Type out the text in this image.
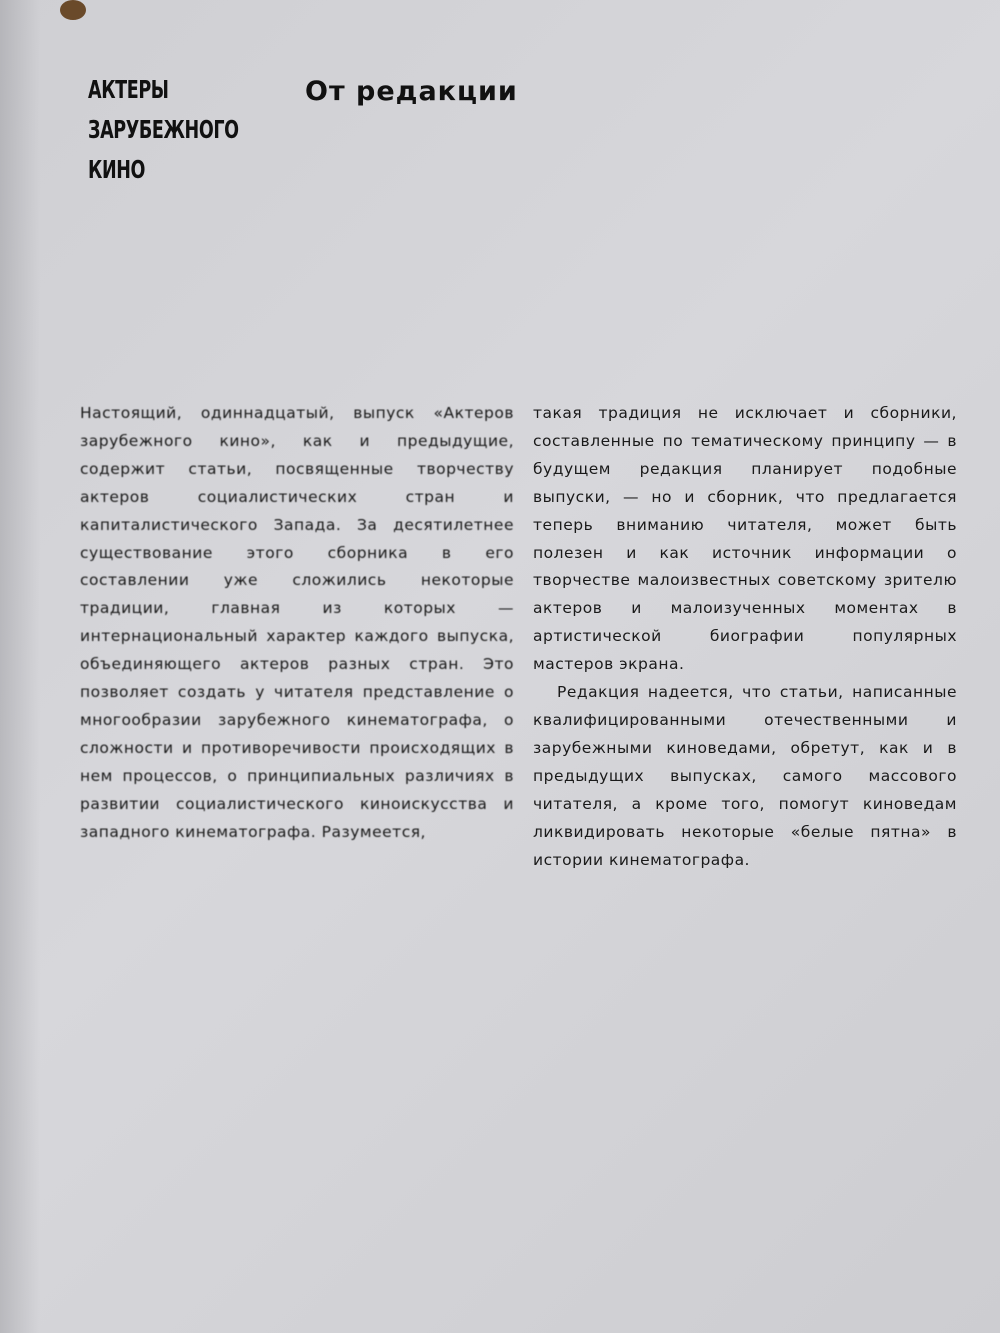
АКТЕРЫ
ЗАРУБЕЖНОГО
КИНО
От редакции

Настоящий, одиннадцатый, выпуск «Актеров зарубежного кино», как и предыдущие, содержит статьи, посвященные творчеству актеров социалистических стран и капиталистического Запада. За десятилетнее существование этого сборника в его составлении уже сложились некоторые традиции, главная из которых — интернациональный характер каждого выпуска, объединяющего актеров разных стран. Это позволяет создать у читателя представление о многообразии зарубежного кинематографа, о сложности и противоречивости происходящих в нем процессов, о принципиальных различиях в развитии социалистического киноискусства и западного кинематографа. Разумеется,

такая традиция не исключает и сборники, составленные по тематическому принципу — в будущем редакция планирует подобные выпуски, — но и сборник, что предлагается теперь вниманию читателя, может быть полезен и как источник информации о творчестве малоизвестных советскому зрителю актеров и малоизученных моментах в артистической биографии популярных мастеров экрана.

Редакция надеется, что статьи, написанные квалифицированными отечественными и зарубежными киноведами, обретут, как и в предыдущих выпусках, самого массового читателя, а кроме того, помогут киноведам ликвидировать некоторые «белые пятна» в истории кинематографа.
